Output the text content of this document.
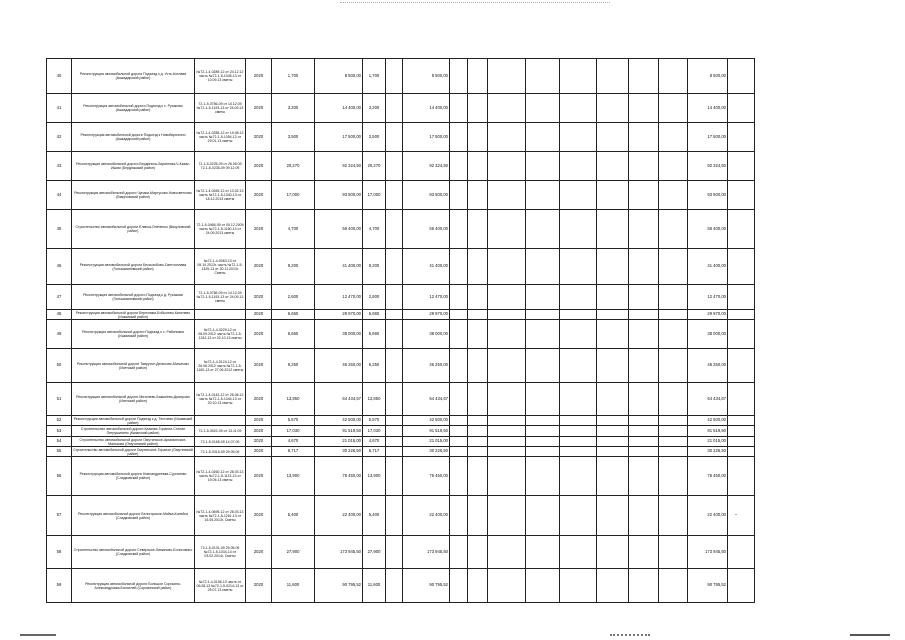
40	Реконструкция автомобильной дороги Подъезд к д. Усть-Котлава (Ашкадарский район)	№72-1-4-0289-12 от 24.12.12 часть №72-1-5-1045-13 от 10.09.13 сметы	2020	1,700	8 500,00	1,700		8 500,00									8 500,00	
41	Реконструкция автомобильной дороги Подъезд к с. Русаково (Ашкадарский район)	72-1-5-0756-09 от 14.12.09 №72-1-5-1193-13 от 24.09.13 сметы	2020	3,200	14 400,00	3,200		14 400,00									14 400,00	
42	Реконструкция автомобильной дороги Подъезд к Новобирюсино (Ашкадарский район)	№72-1-4-0285-12 от 19.08.13 часть №72-1-5-1054-12 от 29.01.13 сметы	2020	3,500	17 500,00	3,500		17 500,00									17 500,00	
43	Реконструкция автомобильной дороги Бердинска-Зараптова-Ч-Казак-Ишим (Бердюжский район)	72-1-5-0225-09 от 26.05.09 72-1-5-0236-09 09.12.09	2020	20,270	92 324,50	20,270		92 324,50									92 324,50	
44	Реконструкция автомобильной дороги Чупаки-Мартусово-Новосветлово (Викуловский район)	№72-1-4-0269-12 от 13.02.13 часть №72-1-5-1340-13 от 18.12.2013 сметы	2020	17,000	93 500,00	17,000		93 500,00									93 500,00	
45	Строительство автомобильной дороги Еланка-Онеченко (Викуловский район)	72-1-5-0466-09 от 05.12.2009 часть №72-1-5-1160-13 от 24.09.2013 сметы	2020	4,700	56 400,00	4,700		56 400,00									56 400,00	
46	Реконструкция автомобильной дороги Бескозобово-Светлоплава (Голышмановский район)	№72-1-4-0063-13 от 09.10.2013г. часть №72-1-5-1325-13 от 20.11.2013г. Сметы	2020	9,200	41 400,00	9,200		41 400,00									41 400,00	
47	Реконструкция автомобильной дороги Подъезд к д. Русакова (Голышмановский район)	72-1-5-0756-09 от 14.12.09 №72-1-5-1193-13 от 24.09.13 сметы	2020	2,600	12 470,00	2,600		12 470,00									12 470,00	
48	Реконструкция автомобильной дороги Березняки-Бобылево-Киселево (Ишимский район)		2020	6,660	29 970,00	6,660		29 970,00									29 970,00	
49	Реконструкция автомобильной дороги Подъезд к с. Рябиновка (Ишимский район)	№72-1-4-0229-12 от 06.09.2012 часть №72-1-5-1242-13 от 02.10.13 сметы	2020	6,660	38 000,00	6,660		38 000,00									38 000,00	
50	Реконструкция автомобильной дороги Таврутье-Денисово-Мизоново (Исетский район)	№72-1-4-0124-12 от 26.06.2012 часть №72-1-5-1160-13 от 27.06.2012 сметы	2020	9,250	46 250,00	9,250		46 250,00									46 250,00	
51	Реконструкция автомобильной дороги Мизонево-Бакшеево-Дмитрово (Исетский район)	№72-1-4-0143-12 от 26.06.12 часть №72-1-5-1344-13 от 20.10.13 сметы	2020	13,850	64 434,67	13,850		64 434,67									64 434,67	
52	Реконструкция автомобильной дороги Подъезд к д. Тестоево (Ишимский район)		2020	5,570	42 500,00	5,570		42 500,00									42 500,00	
53	Строительство автомобильной дороги Казанка-Тораное-Степан Петрушинино (Казанский район)	72-1-5-0522-09 от 13.11.09	2020	17,030	91 519,50	17,030		91 519,50									91 519,50	
54	Строительство автомобильной дороги Омутинское-Армизонское-Мальково (Омутинский район)	72-1-5-0165-09 14.07.09	2020	4,670	21 015,00	4,670		21 015,00									21 015,00	
55	Строительство автомобильной дороги Омутинское-Тораное (Омутинский район)	72-1-5-0315-09 29.09.09	2020	6,717	30 226,50	6,717		30 226,50									30 226,50	
56	Реконструкция автомобильной дороги Новоандреевка-Сурганово (Сладковский район)	№72-1-4-0260-12 от 28.03.13 часть №72-1-5-1113-13 от 19.05.13 сметы	2020	13,900	76 450,00	13,900		76 450,00									76 450,00	
57	Реконструкция автомобильной дороги Белогорское-Майка-Копейка (Сладковский район)	№72-1-4-0695-12 от 28.03.13 часть №72-1-5-1261-13 от 15.05.2013г. Сметы	2020	5,400	22 400,00	5,400		22 400,00									22 400,00	-
58	Строительство автомобильной дороги Северское-Лиманово-Бологовино (Сладковский район)	72-1-5-0131-09 29.05.09 №72-1-5-1034-14 от 03.02.2014г. Сметы	2020	27,900	173 945,50	27,900		173 945,50									173 945,50	
59	Реконструкция автомобильной дороги Большое Сорокино-Александровка-Балахлей (Сорокинский район)	№72-1-4-0196-13 часть от 06.08.13 №72-1-5-0214-13 от 25.07.13 сметы	2020	11,600	90 795,52	11,600		90 795,52									90 795,52	
